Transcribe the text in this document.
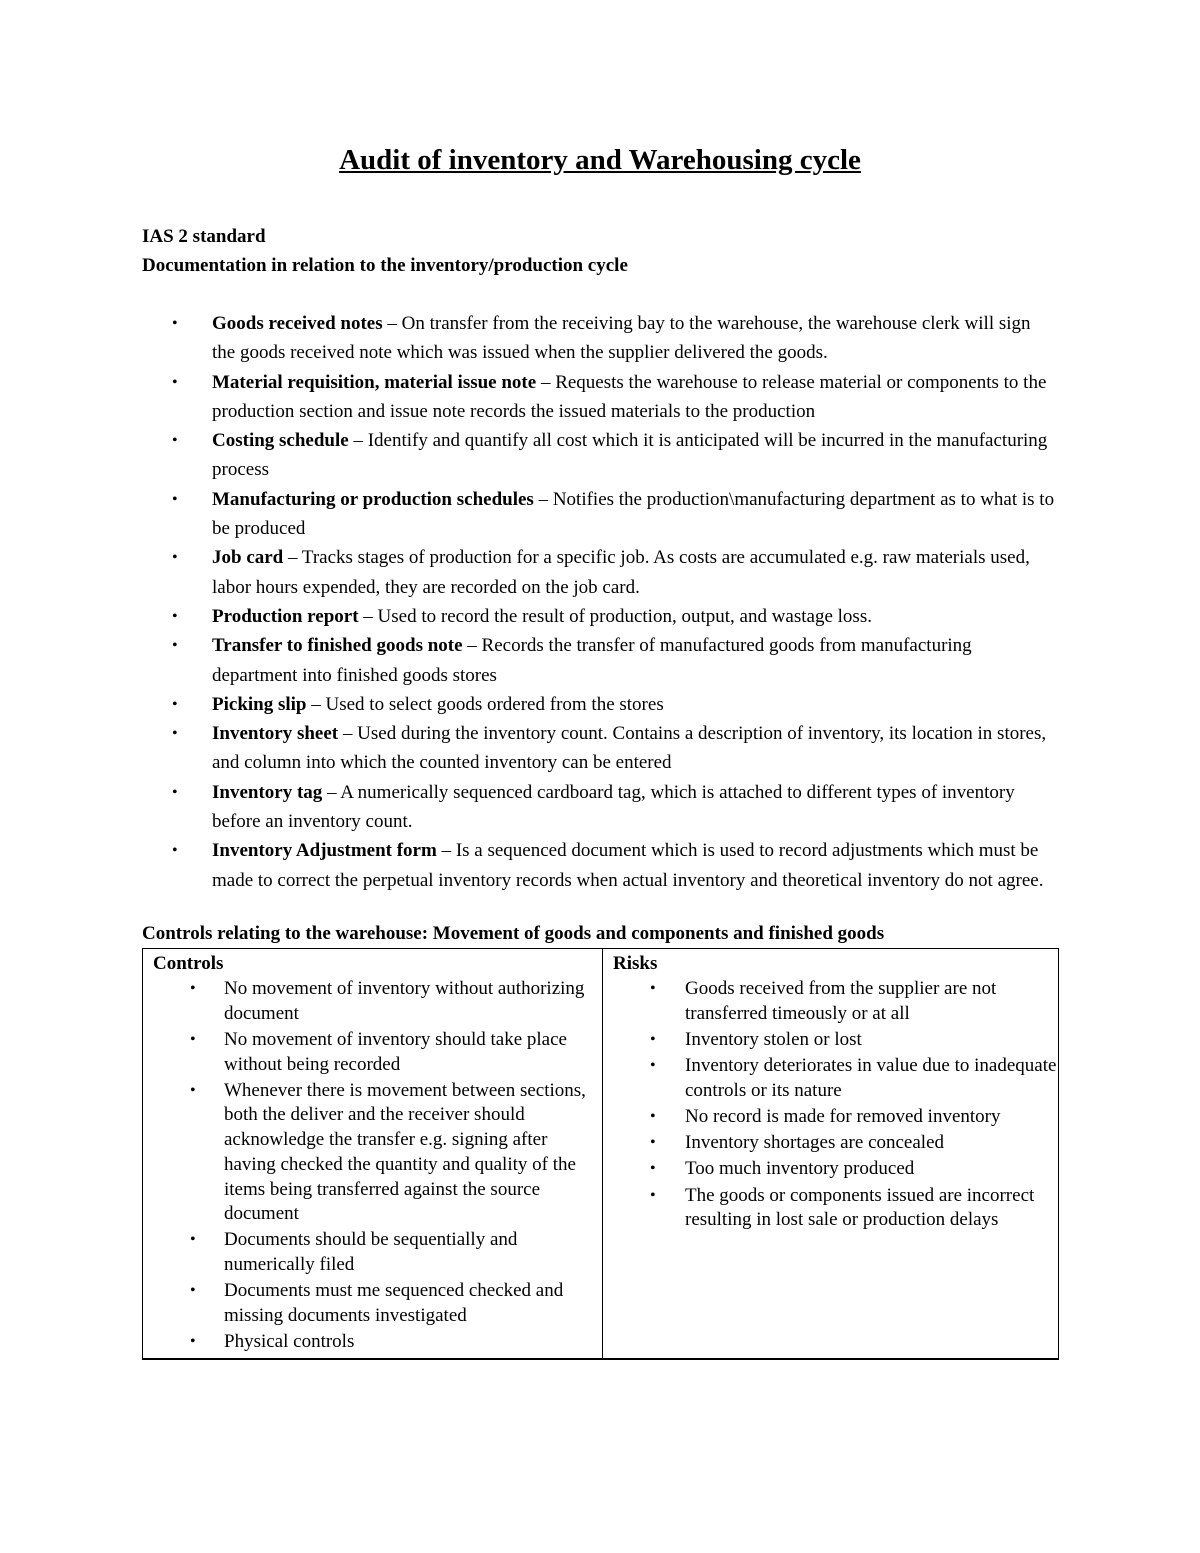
Audit of inventory and Warehousing cycle

IAS 2 standard

Documentation in relation to the inventory/production cycle

• Goods received notes – On transfer from the receiving bay to the warehouse, the warehouse clerk will sign the goods received note which was issued when the supplier delivered the goods.
• Material requisition, material issue note – Requests the warehouse to release material or components to the production section and issue note records the issued materials to the production
• Costing schedule – Identify and quantify all cost which it is anticipated will be incurred in the manufacturing process
• Manufacturing or production schedules – Notifies the production\manufacturing department as to what is to be produced
• Job card – Tracks stages of production for a specific job. As costs are accumulated e.g. raw materials used, labor hours expended, they are recorded on the job card.
• Production report – Used to record the result of production, output, and wastage loss.
• Transfer to finished goods note – Records the transfer of manufactured goods from manufacturing department into finished goods stores
• Picking slip – Used to select goods ordered from the stores
• Inventory sheet – Used during the inventory count. Contains a description of inventory, its location in stores, and column into which the counted inventory can be entered
• Inventory tag – A numerically sequenced cardboard tag, which is attached to different types of inventory before an inventory count.
• Inventory Adjustment form – Is a sequenced document which is used to record adjustments which must be made to correct the perpetual inventory records when actual inventory and theoretical inventory do not agree.

Controls relating to the warehouse: Movement of goods and components and finished goods

Controls
• No movement of inventory without authorizing document
• No movement of inventory should take place without being recorded
• Whenever there is movement between sections, both the deliver and the receiver should acknowledge the transfer e.g. signing after having checked the quantity and quality of the items being transferred against the source document
• Documents should be sequentially and numerically filed
• Documents must me sequenced checked and missing documents investigated
• Physical controls

Risks
• Goods received from the supplier are not transferred timeously or at all
• Inventory stolen or lost
• Inventory deteriorates in value due to inadequate controls or its nature
• No record is made for removed inventory
• Inventory shortages are concealed
• Too much inventory produced
• The goods or components issued are incorrect resulting in lost sale or production delays
